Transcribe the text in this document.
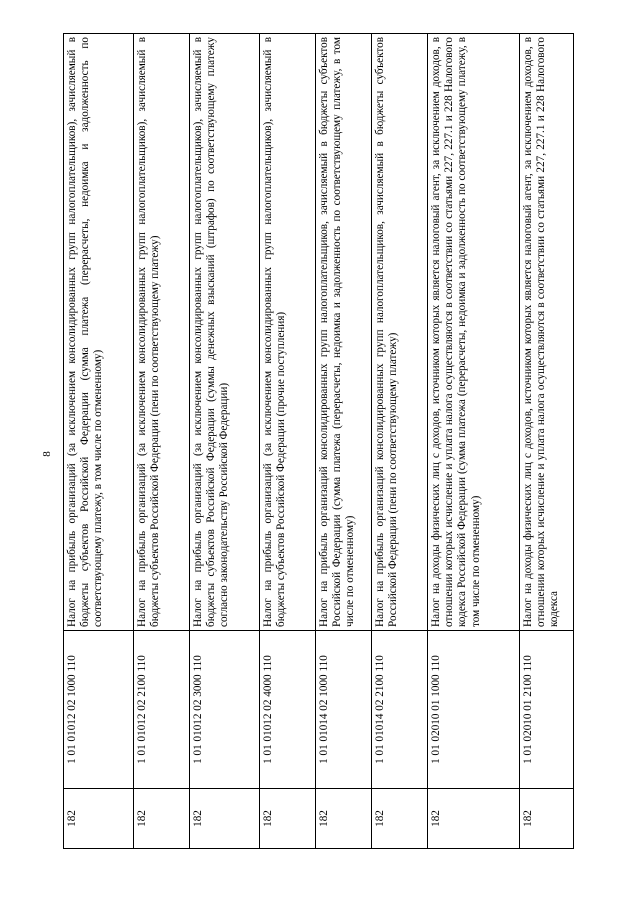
8
182	1 01 01012 02 1000 110	Налог на прибыль организаций (за исключением консолидированных групп налогоплательщиков), зачисляемый в бюджеты субъектов Российской Федерации (сумма платежа (перерасчеты, недоимка и задолженность по соответствующему платежу, в том числе по отмененному)
182	1 01 01012 02 2100 110	Налог на прибыль организаций (за исключением консолидированных групп налогоплательщиков), зачисляемый в бюджеты субъектов Российской Федерации (пени по соответствующему платежу)
182	1 01 01012 02 3000 110	Налог на прибыль организаций (за исключением консолидированных групп налогоплательщиков), зачисляемый в бюджеты субъектов Российской Федерации (суммы денежных взысканий (штрафов) по соответствующему платежу согласно законодательству Российской Федерации)
182	1 01 01012 02 4000 110	Налог на прибыль организаций (за исключением консолидированных групп налогоплательщиков), зачисляемый в бюджеты субъектов Российской Федерации (прочие поступления)
182	1 01 01014 02 1000 110	Налог на прибыль организаций консолидированных групп налогоплательщиков, зачисляемый в бюджеты субъектов Российской Федерации (сумма платежа (перерасчеты, недоимка и задолженность по соответствующему платежу, в том числе по отмененному)
182	1 01 01014 02 2100 110	Налог на прибыль организаций консолидированных групп налогоплательщиков, зачисляемый в бюджеты субъектов Российской Федерации (пени по соответствующему платежу)
182	1 01 02010 01 1000 110	Налог на доходы физических лиц с доходов, источником которых является налоговый агент, за исключением доходов, в отношении которых исчисление и уплата налога осуществляются в соответствии со статьями 227, 227.1 и 228 Налогового кодекса Российской Федерации (сумма платежа (перерасчеты, недоимка и задолженность по соответствующему платежу, в том числе по отмененному)
182	1 01 02010 01 2100 110	Налог на доходы физических лиц с доходов, источником которых является налоговый агент, за исключением доходов, в отношении которых исчисление и уплата налога осуществляются в соответствии со статьями 227, 227.1 и 228 Налогового кодекса
